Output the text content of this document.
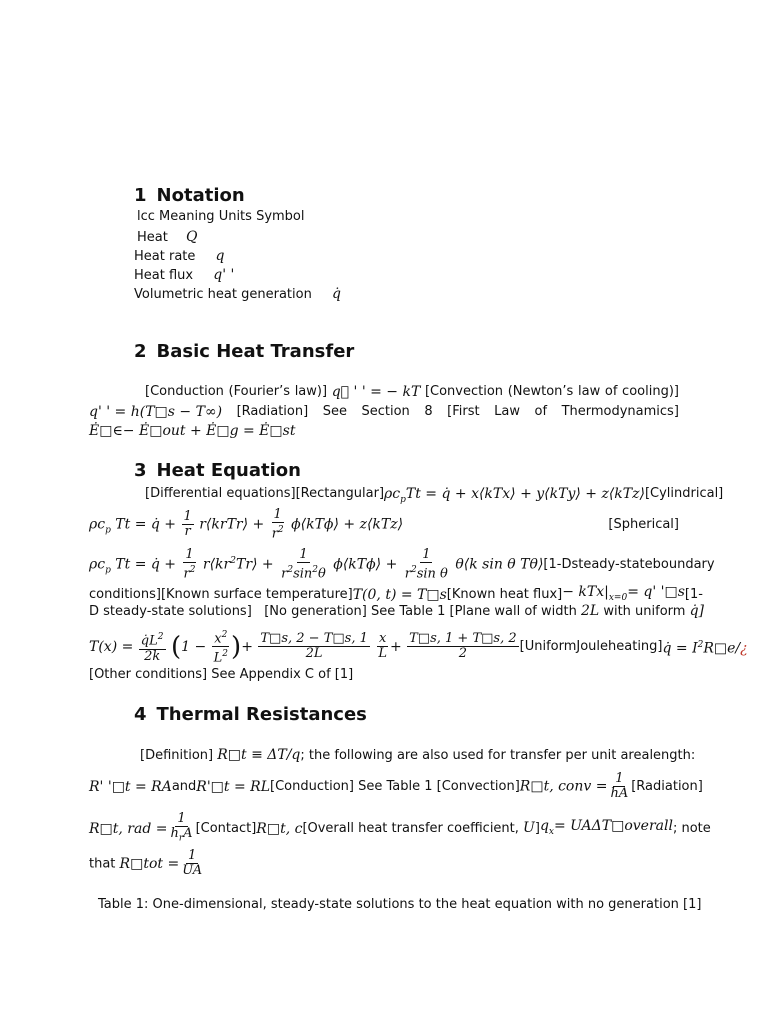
1 Notation
lcc Meaning Units Symbol
Heat Q
Heat rate q
Heat flux q' '
Volumetric heat generation q̇
2 Basic Heat Transfer
[Conduction (Fourier’s law)] q⃗ ' ' = − kT [Convection (Newton’s law of cooling)]
q' ' = h(T□s − T∞) [Radiation] See Section 8 [First Law of Thermodynamics]
Ė□∈− Ė□out + Ė□g = Ė□st
3 Heat Equation
[Differential equations] [Rectangular] $\rho c_pTt$ = q̇ + x⟨kTx⟩ + y⟨kTy⟩ + z⟨kTz⟩ [Cylindrical]
$\rho c_p$ Tt = q̇ + $\frac{1}{r}$ r⟨krTr⟩ + $\frac{1}{r^2}$ ϕ⟨kTϕ⟩ + z⟨kTz⟩	[Spherical]
$\rho c_p$ Tt = q̇ + $\frac{1}{r^2}$ $r⟨kr^2Tr⟩ + \frac{1}{r^2\sin^2\theta}$ ϕ⟨kTϕ⟩ + $\frac{1}{r^2\sin \theta}$ θ⟨k sin θ Tθ⟩ [1-D steady-state boundary
conditions] [Known surface temperature] T(0, t) = T□s [Known heat flux] − $kTx|_{x=0}= q'$ '□s [1-
D steady-state solutions] [No generation] See Table 1 [Plane wall of width 2L with uniform q̇]
$T(x) = \frac{q̇L^2}{2k} (1 - \frac{x^2}{L^2}$ )+ $\frac{T□s, 2 - T□s, 1}{2L}$
$\frac{x}{L} + \frac{T□s, 1 + T□s, 2}{2}$ [Uniform Joule heating] q̇ = $I^2R□e/¿$
[Other conditions] See Appendix C of [1]
4 Thermal Resistances
[Definition] R□t ≡ ΔT/q; the following are also used for transfer per unit arealength:
R' '□t = RA and R'□t = RL [Conduction] See Table 1 [Convection] R□t, conv = $\frac{1}{hA}$ [Radiation]
R□t, rad = $\frac{1}{h_rA}$ [Contact] R□t, c [Overall heat transfer coefficient, U] $q_x=$ UAΔT□overall ; note
that R□tot = $\frac{1}{UA}$
Table 1: One-dimensional, steady-state solutions to the heat equation with no generation [1]
